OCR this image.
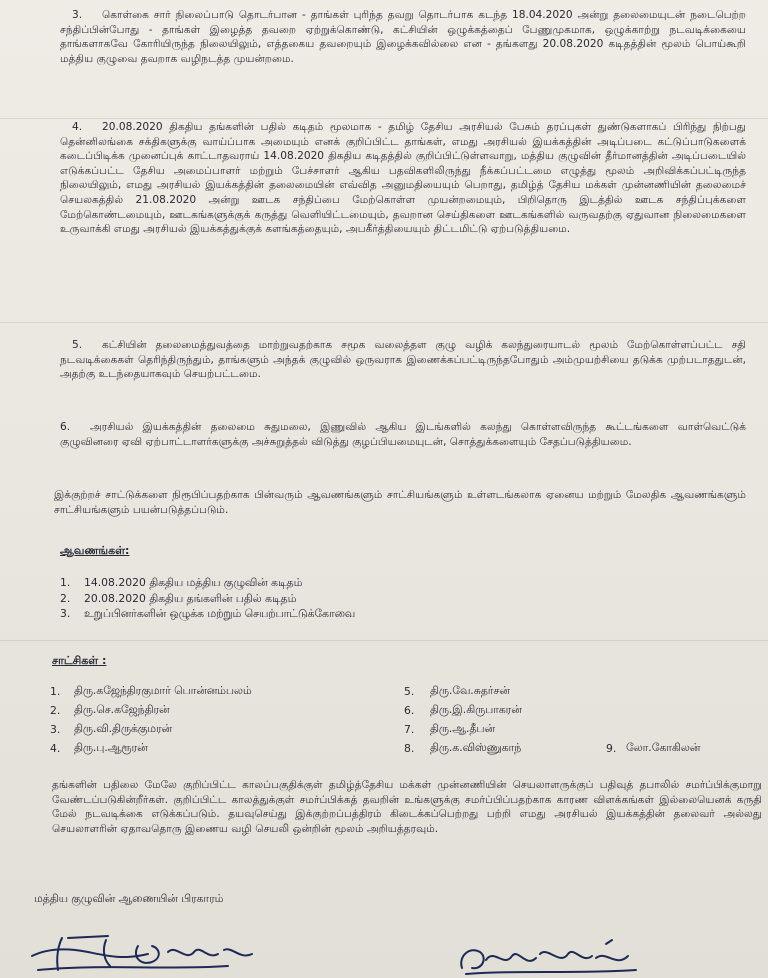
3. கொள்கை சார் நிலைப்பாடு தொடர்பான - தாங்கள் புரிந்த தவறு தொடர்பாக கடந்த 18.04.2020 அன்று தலைமையுடன் நடைபெற்ற சந்திப்பின்போது - தாங்கள் இழைத்த தவறை ஏற்றுக்கொண்டு, கட்சியின் ஒழுக்கத்தைப் பேணுமுகமாக, ஒழுக்காற்று நடவடிக்கையை தாங்களாகவே கோரியிருந்த நிலையிலும், எத்தகைய தவறையும் இழைக்கவில்லை என - தங்களது 20.08.2020 கடிதத்தின் மூலம் பொய்கூறி மத்திய குழுவை தவறாக வழிநடத்த முயன்றமை.

4. 20.08.2020 திகதிய தங்களின் பதில் கடிதம் மூலமாக - தமிழ் தேசிய அரசியல் பேசும் தரப்புகள் துண்டுகளாகப் பிரிந்து நிற்பது தென்னிலங்கை சக்திகளுக்கு வாய்ப்பாக அமையும் எனக் குறிப்பிட்ட தாங்கள், எமது அரசியல் இயக்கத்தின் அடிப்படை கட்டுப்பாடுகளைக் கடைப்பிடிக்க முனைப்புக் காட்டாதவராய் 14.08.2020 திகதிய கடிதத்தில் குறிப்பிட்டுள்ளவாறு, மத்திய குழுவின் தீர்மானத்தின் அடிப்படையில் எடுக்கப்பட்ட தேசிய அமைப்பாளர் மற்றும் பேச்சாளர் ஆகிய பதவிகளிலிருந்து நீக்கப்பட்டமை எழுத்து மூலம் அறிவிக்கப்பட்டிருந்த நிலையிலும், எமது அரசியல் இயக்கத்தின் தலைமையின் எவ்வித அனுமதியையும் பெறாது, தமிழ்த் தேசிய மக்கள் முன்னணியின் தலைமைச் செயலகத்தில் 21.08.2020 அன்று ஊடக சந்திப்பை மேற்கொள்ள முயன்றமையும், பிறிதொரு இடத்தில் ஊடக சந்திப்புக்களை மேற்கொண்டமையும், ஊடகங்களுக்குக் கருத்து வெளியிட்டமையும், தவறான செய்திகளை ஊடகங்களில் வருவதற்கு ஏதுவான நிலைமைகளை உருவாக்கி எமது அரசியல் இயக்கத்துக்குக் களங்கத்தையும், அபகீர்த்தியையும் திட்டமிட்டு ஏற்படுத்தியமை.

5. கட்சியின் தலைமைத்துவத்தை மாற்றுவதற்காக சமூக வலைத்தள குழு வழிக் கலந்துரையாடல் மூலம் மேற்கொள்ளப்பட்ட சதி நடவடிக்கைகள் தெரிந்திருந்தும், தாங்களும் அந்தக் குழுவில் ஒருவராக இணைக்கப்பட்டிருந்தபோதும் அம்முயற்சியை தடுக்க முற்படாததுடன், அதற்கு உடந்தையாகவும் செயற்பட்டமை.

6. அரசியல் இயக்கத்தின் தலைமை சுதுமலை, இணுவில் ஆகிய இடங்களில் கலந்து கொள்ளவிருந்த கூட்டங்களை வாள்வெட்டுக் குழுவினரை ஏவி ஏற்பாட்டாளர்களுக்கு அச்சுறுத்தல் விடுத்து குழப்பியமையுடன், சொத்துக்களையும் சேதப்படுத்தியமை.

இக்குற்றச் சாட்டுக்களை நிரூபிப்பதற்காக பின்வரும் ஆவணங்களும் சாட்சியங்களும் உள்ளடங்கலாக ஏனைய மற்றும் மேலதிக ஆவணங்களும் சாட்சியங்களும் பயன்படுத்தப்படும்.

ஆவணங்கள்:

1.	14.08.2020 திகதிய மத்திய குழுவின் கடிதம்
2.	20.08.2020 திகதிய தங்களின் பதில் கடிதம்
3.	உறுப்பினர்களின் ஒழுக்க மற்றும் செயற்பாட்டுக்கோவை

சாட்சிகள் :

1.	திரு.கஜேந்திரகுமார் பொன்னம்பலம்	5.	திரு.வே.சுதர்சன்
2.	திரு.செ.கஜேந்திரன்	6.	திரு.இ.கிருபாகரன்
3.	திரு.வி.திருக்குமரன்	7.	திரு.ஆ.தீபன்
4.	திரு.பு.ஆரூரன்	8.	திரு.க.விஸ்ணுகாந்	9. லோ.கோகிலன்

தங்களின் பதிலை மேலே குறிப்பிட்ட காலப்பகுதிக்குள் தமிழ்த்தேசிய மக்கள் முன்னணியின் செயலாளருக்குப் பதிவுத் தபாலில் சமர்ப்பிக்குமாறு வேண்டப்படுகின்றீர்கள். குறிப்பிட்ட காலத்துக்குள் சமர்ப்பிக்கத் தவறின் உங்களுக்கு சமர்ப்பிப்பதற்காக காரண விளக்கங்கள் இல்லையெனக் கருதி மேல் நடவடிக்கை எடுக்கப்படும். தயவுசெய்து இக்குற்றப்பத்திரம் கிடைக்கப்பெற்றது பற்றி எமது அரசியல் இயக்கத்தின் தலைவர் அல்லது செயலாளரின் ஏதாவதொரு இணைய வழி செயலி ஒன்றின் மூலம் அறியத்தரவும்.

மத்திய குழுவின் ஆணையின் பிரகாரம்
